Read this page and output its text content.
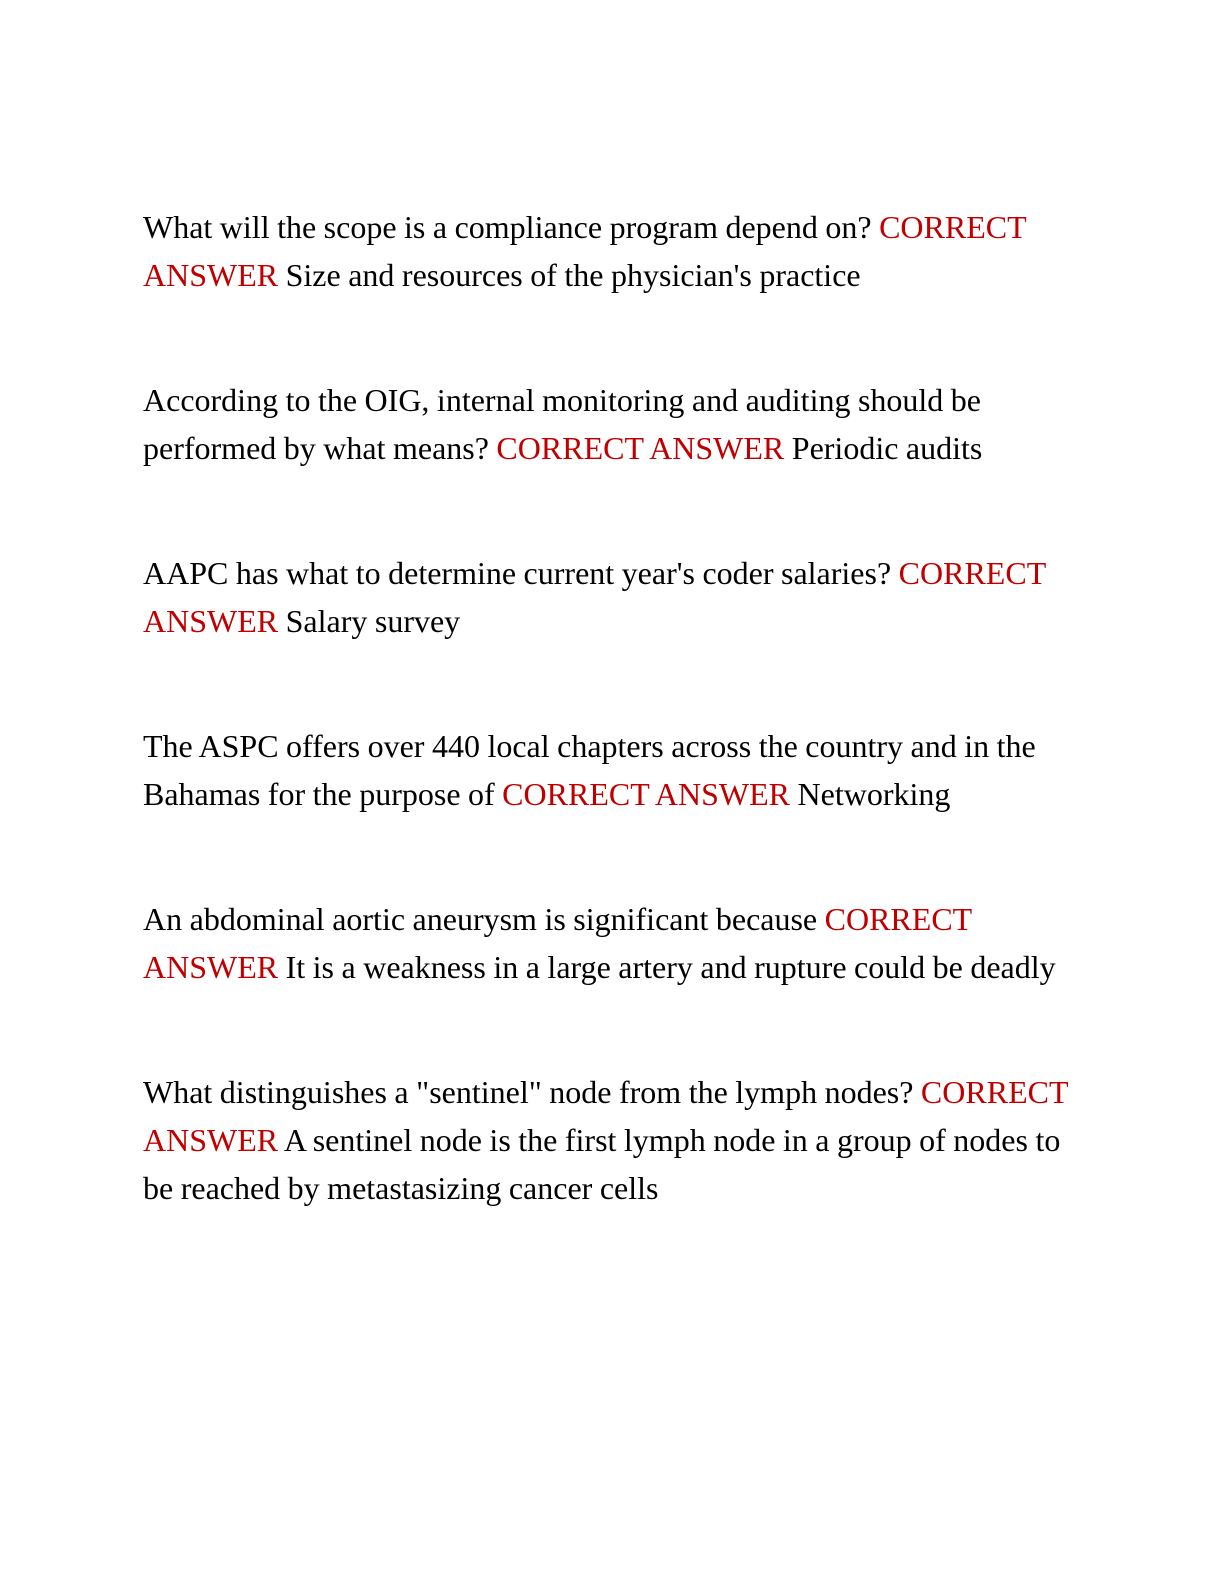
What will the scope is a compliance program depend on? CORRECT ANSWER Size and resources of the physician's practice

According to the OIG, internal monitoring and auditing should be performed by what means? CORRECT ANSWER Periodic audits

AAPC has what to determine current year's coder salaries? CORRECT ANSWER Salary survey

The ASPC offers over 440 local chapters across the country and in the Bahamas for the purpose of CORRECT ANSWER Networking

An abdominal aortic aneurysm is significant because CORRECT ANSWER It is a weakness in a large artery and rupture could be deadly

What distinguishes a "sentinel" node from the lymph nodes? CORRECT ANSWER A sentinel node is the first lymph node in a group of nodes to be reached by metastasizing cancer cells
